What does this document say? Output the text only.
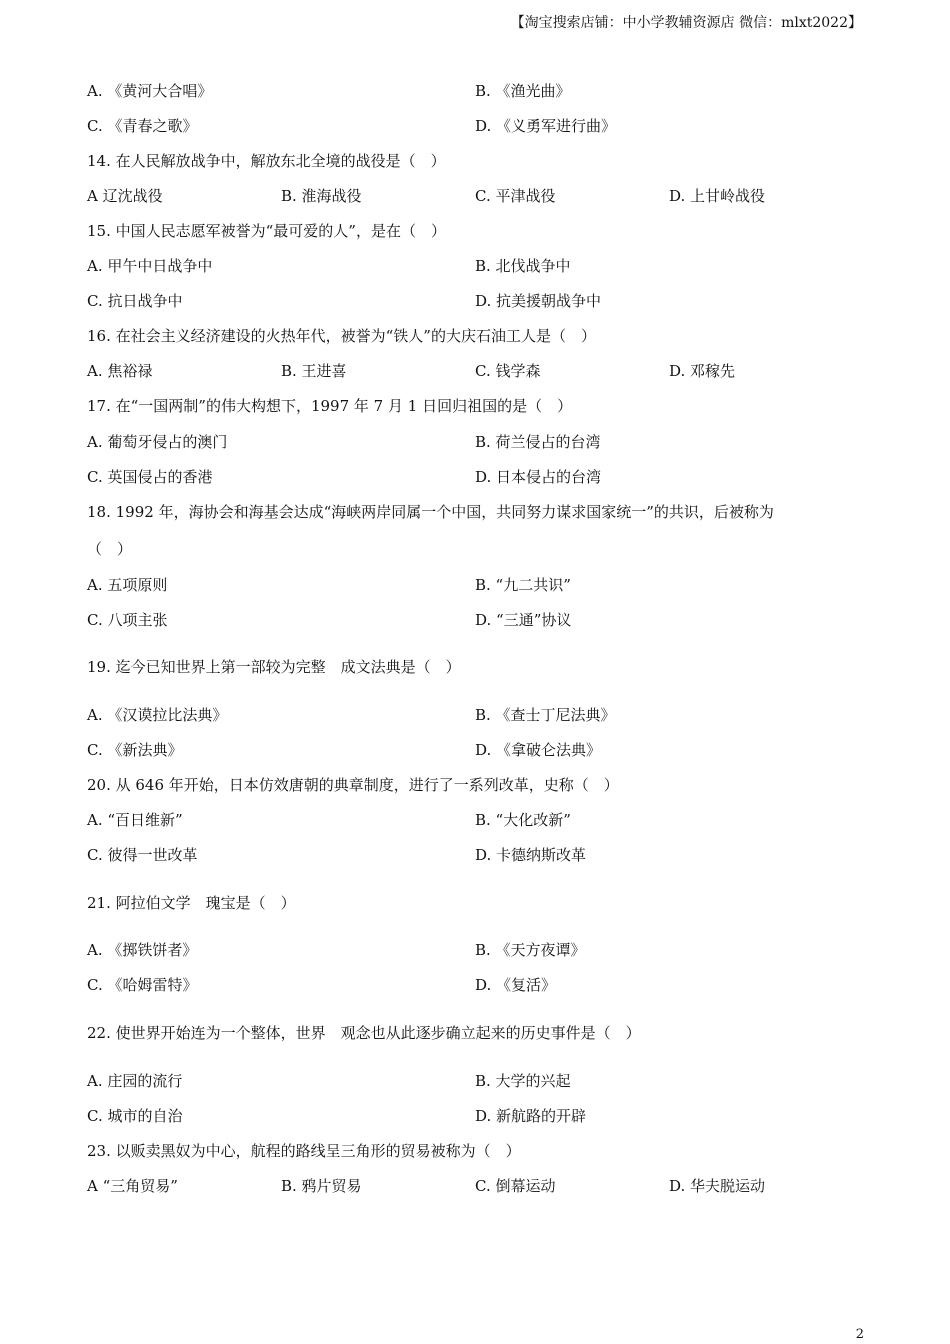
【淘宝搜索店铺：中小学教辅资源店 微信：mlxt2022】
A. 《黄河大合唱》	B. 《渔光曲》
C. 《青春之歌》	D. 《义勇军进行曲》
14. 在人民解放战争中，解放东北全境的战役是（　）
A 辽沈战役	B. 淮海战役	C. 平津战役	D. 上甘岭战役
15. 中国人民志愿军被誉为“最可爱的人”，是在（　）
A. 甲午中日战争中	B. 北伐战争中
C. 抗日战争中	D. 抗美援朝战争中
16. 在社会主义经济建设的火热年代，被誉为“铁人”的大庆石油工人是（　）
A. 焦裕禄	B. 王进喜	C. 钱学森	D. 邓稼先
17. 在“一国两制”的伟大构想下，1997 年 7 月 1 日回归祖国的是（　）
A. 葡萄牙侵占的澳门	B. 荷兰侵占的台湾
C. 英国侵占的香港	D. 日本侵占的台湾
18. 1992 年，海协会和海基会达成“海峡两岸同属一个中国，共同努力谋求国家统一”的共识，后被称为
（　）
A. 五项原则	B. “九二共识”
C. 八项主张	D. “三通”协议
19. 迄今已知世界上第一部较为完整　成文法典是（　）
A. 《汉谟拉比法典》	B. 《查士丁尼法典》
C. 《新法典》	D. 《拿破仑法典》
20. 从 646 年开始，日本仿效唐朝的典章制度，进行了一系列改革，史称（　）
A. “百日维新”	B. “大化改新”
C. 彼得一世改革	D. 卡德纳斯改革
21. 阿拉伯文学　瑰宝是（　）
A. 《掷铁饼者》	B. 《天方夜谭》
C. 《哈姆雷特》	D. 《复活》
22. 使世界开始连为一个整体，世界　观念也从此逐步确立起来的历史事件是（　）
A. 庄园的流行	B. 大学的兴起
C. 城市的自治	D. 新航路的开辟
23. 以贩卖黑奴为中心，航程的路线呈三角形的贸易被称为（　）
A “三角贸易”	B. 鸦片贸易	C. 倒幕运动	D. 华夫脱运动
2
